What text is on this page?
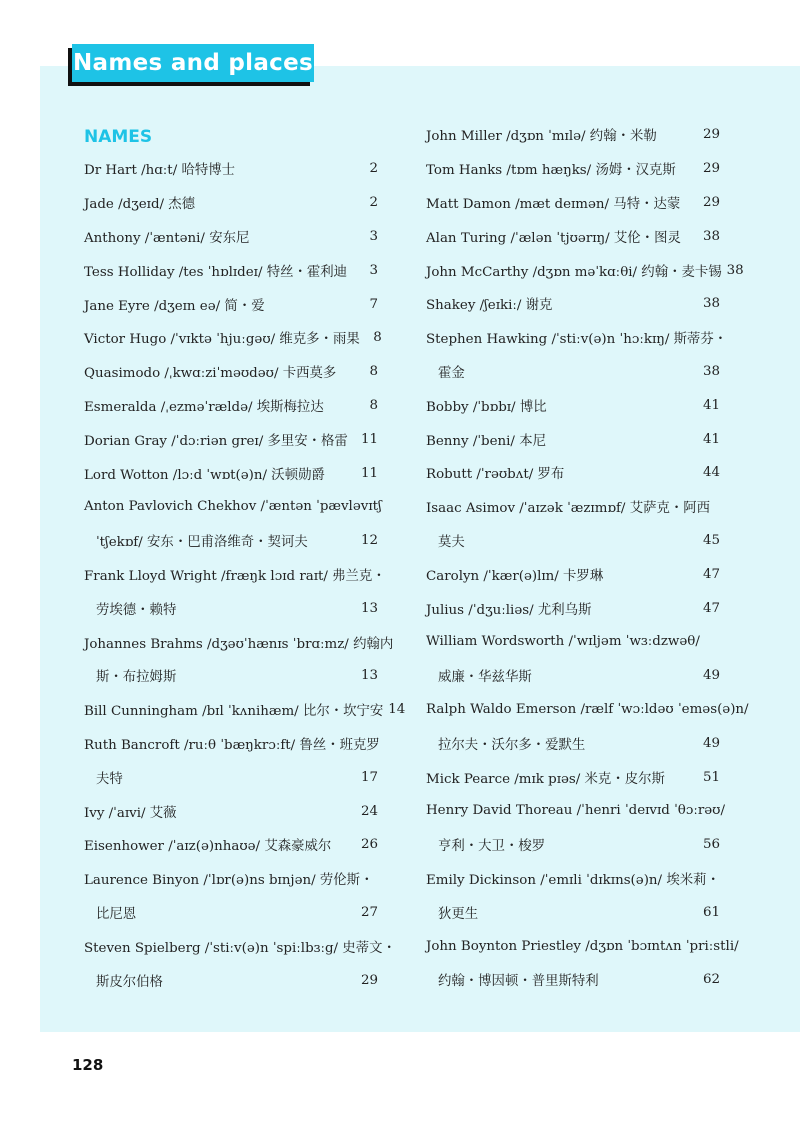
Names and places
NAMES
Dr Hart /hɑːt/ 哈特博士	2
Jade /dʒeɪd/ 杰德	2
Anthony /ˈæntəni/ 安东尼	3
Tess Holliday /tes ˈhɒlɪdeɪ/ 特丝・霍利迪	3
Jane Eyre /dʒeɪn eə/ 简・爱	7
Victor Hugo /ˈvɪktə ˈhjuːgəʊ/ 维克多・雨果	8
Quasimodo /ˌkwɑːziˈməʊdəʊ/ 卡西莫多	8
Esmeralda /ˌezməˈrældə/ 埃斯梅拉达	8
Dorian Gray /ˈdɔːriən greɪ/ 多里安・格雷 11
Lord Wotton /lɔːd ˈwɒt(ə)n/ 沃顿勋爵	11
Anton Pavlovich Chekhov /ˈæntən ˈpævləvɪtʃ
ˈtʃekɒf/ 安东・巴甫洛维奇・契诃夫	12
Frank Lloyd Wright /fræŋk lɔɪd raɪt/ 弗兰克・
劳埃德・赖特	13
Johannes Brahms /dʒəʊˈhænɪs ˈbrɑːmz/ 约翰内
斯・布拉姆斯	13
Bill Cunningham /bɪl ˈkʌnihæm/ 比尔・坎宁安 14
Ruth Bancroft /ruːθ ˈbæŋkrɔːft/ 鲁丝・班克罗
夫特	17
Ivy /ˈaɪvi/ 艾薇	24
Eisenhower /ˈaɪz(ə)nhaʊə/ 艾森豪威尔	26
Laurence Binyon /ˈlɒr(ə)ns bɪnjən/ 劳伦斯・
比尼恩	27
Steven Spielberg /ˈstiːv(ə)n ˈspiːlbɜːg/ 史蒂文・
斯皮尔伯格	29
John Miller /dʒɒn ˈmɪlə/ 约翰・米勒	29
Tom Hanks /tɒm hæŋks/ 汤姆・汉克斯	29
Matt Damon /mæt deɪmən/ 马特・达蒙	29
Alan Turing /ˈælən ˈtjʊərɪŋ/ 艾伦・图灵	38
John McCarthy /dʒɒn məˈkɑːθi/ 约翰・麦卡锡 38
Shakey /ʃeɪkiː/ 谢克	38
Stephen Hawking /ˈstiːv(ə)n ˈhɔːkɪŋ/ 斯蒂芬・
霍金	38
Bobby /ˈbɒbɪ/ 博比	41
Benny /ˈbeni/ 本尼	41
Robutt /ˈrəʊbʌt/ 罗布	44
Isaac Asimov /ˈaɪzək ˈæzɪmɒf/ 艾萨克・阿西
莫夫	45
Carolyn /ˈkær(ə)lɪn/ 卡罗琳	47
Julius /ˈdʒuːliəs/ 尤利乌斯	47
William Wordsworth /ˈwɪljəm ˈwɜːdzwəθ/
威廉・华兹华斯	49
Ralph Waldo Emerson /rælf ˈwɔːldəʊ ˈeməs(ə)n/
拉尔夫・沃尔多・爱默生	49
Mick Pearce /mɪk pɪəs/ 米克・皮尔斯	51
Henry David Thoreau /ˈhenri ˈdeɪvɪd ˈθɔːrəʊ/
亨利・大卫・梭罗	56
Emily Dickinson /ˈemɪli ˈdɪkɪns(ə)n/ 埃米莉・
狄更生	61
John Boynton Priestley /dʒɒn ˈbɔɪntʌn ˈpriːstli/
约翰・博因顿・普里斯特利	62
128
